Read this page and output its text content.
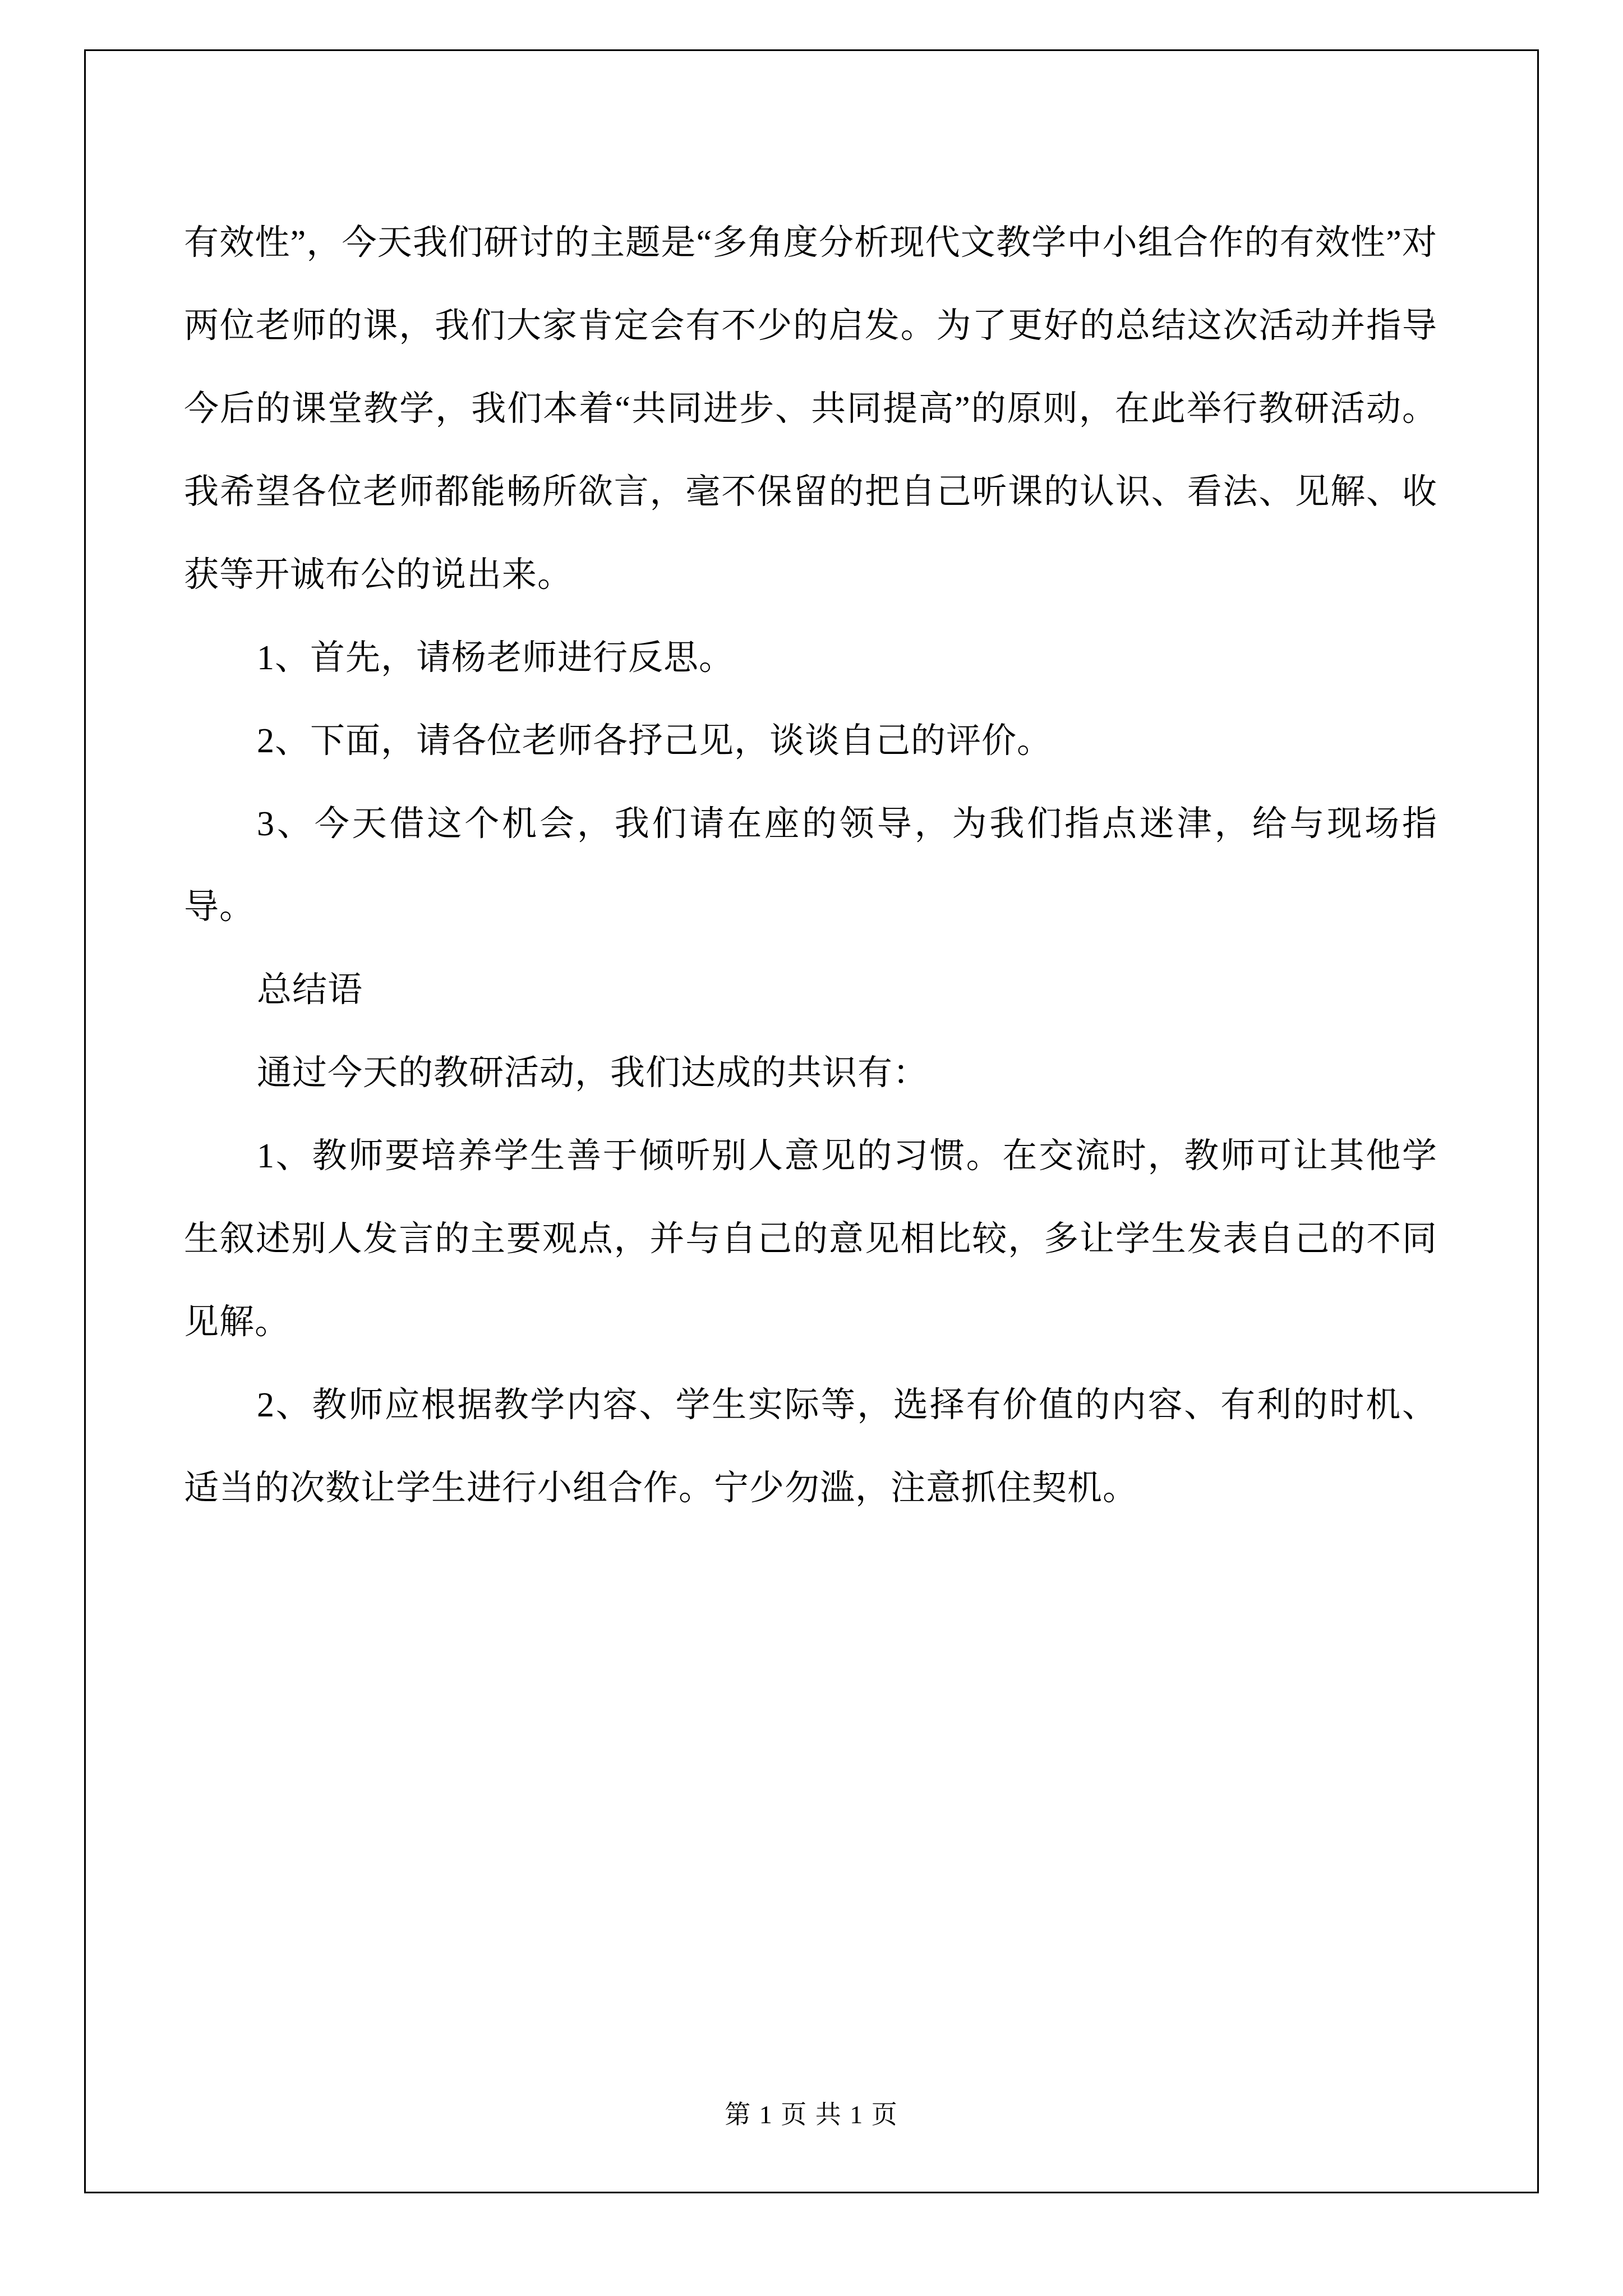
有效性”，今天我们研讨的主题是“多角度分析现代文教学中小组合作的有效性”对两位老师的课，我们大家肯定会有不少的启发。为了更好的总结这次活动并指导今后的课堂教学，我们本着“共同进步、共同提高”的原则，在此举行教研活动。我希望各位老师都能畅所欲言，毫不保留的把自己听课的认识、看法、见解、收获等开诚布公的说出来。

1、首先，请杨老师进行反思。

2、下面，请各位老师各抒己见，谈谈自己的评价。

3、今天借这个机会，我们请在座的领导，为我们指点迷津，给与现场指导。

总结语

通过今天的教研活动，我们达成的共识有：

1、教师要培养学生善于倾听别人意见的习惯。在交流时，教师可让其他学生叙述别人发言的主要观点，并与自己的意见相比较，多让学生发表自己的不同见解。

2、教师应根据教学内容、学生实际等，选择有价值的内容、有利的时机、适当的次数让学生进行小组合作。宁少勿滥，注意抓住契机。

第 1 页 共 1 页
